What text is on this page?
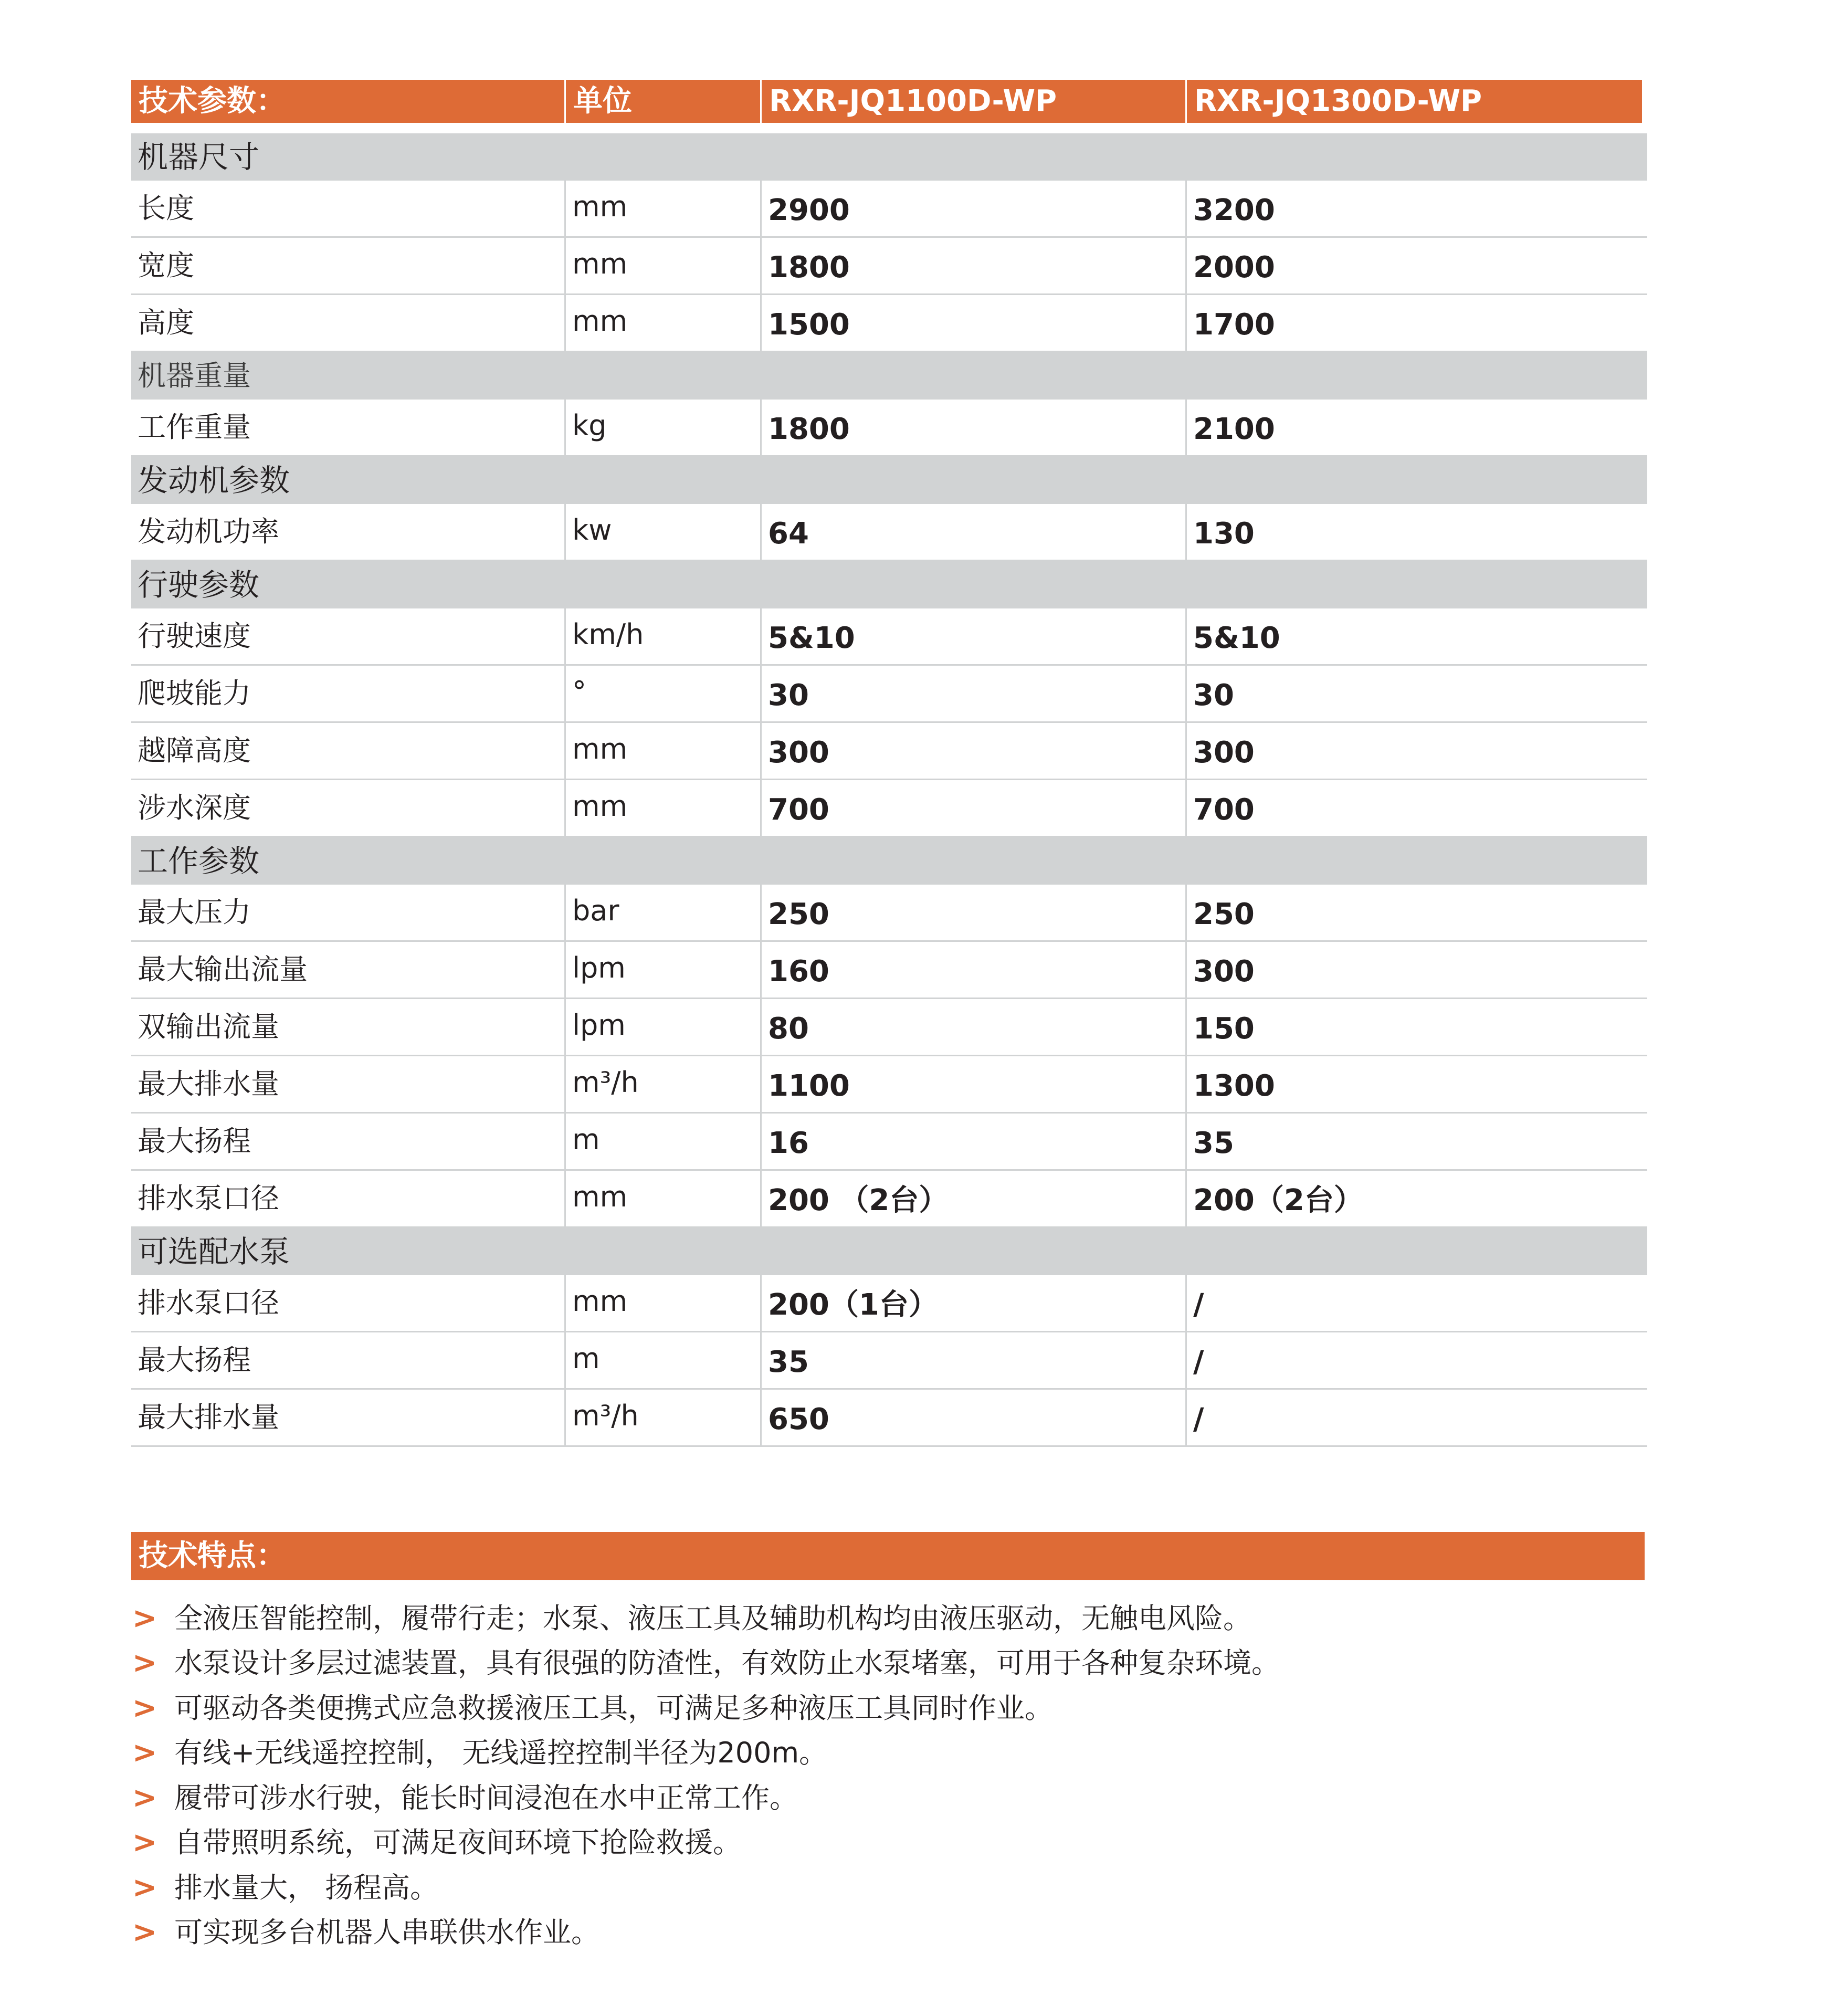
技术参数：	单位	RXR-JQ1100D-WP	RXR-JQ1300D-WP
机器尺寸
长度	mm	2900	3200
宽度	mm	1800	2000
高度	mm	1500	1700
机器重量
工作重量	kg	1800	2100
发动机参数
发动机功率	kw	64	130
行驶参数
行驶速度	km/h	5&10	5&10
爬坡能力	°	30	30
越障高度	mm	300	300
涉水深度	mm	700	700
工作参数
最大压力	bar	250	250
最大输出流量	lpm	160	300
双输出流量	lpm	80	150
最大排水量	m³/h	1100	1300
最大扬程	m	16	35
排水泵口径	mm	200 （2台）	200（2台）
可选配水泵
排水泵口径	mm	200（1台）	/
最大扬程	m	35	/
最大排水量	m³/h	650	/
技术特点：
> 全液压智能控制，履带行走；水泵、液压工具及辅助机构均由液压驱动，无触电风险。
> 水泵设计多层过滤装置，具有很强的防渣性，有效防止水泵堵塞，可用于各种复杂环境。
> 可驱动各类便携式应急救援液压工具，可满足多种液压工具同时作业。
> 有线+无线遥控控制， 无线遥控控制半径为200m。
> 履带可涉水行驶，能长时间浸泡在水中正常工作。
> 自带照明系统，可满足夜间环境下抢险救援。
> 排水量大， 扬程高。
> 可实现多台机器人串联供水作业。
